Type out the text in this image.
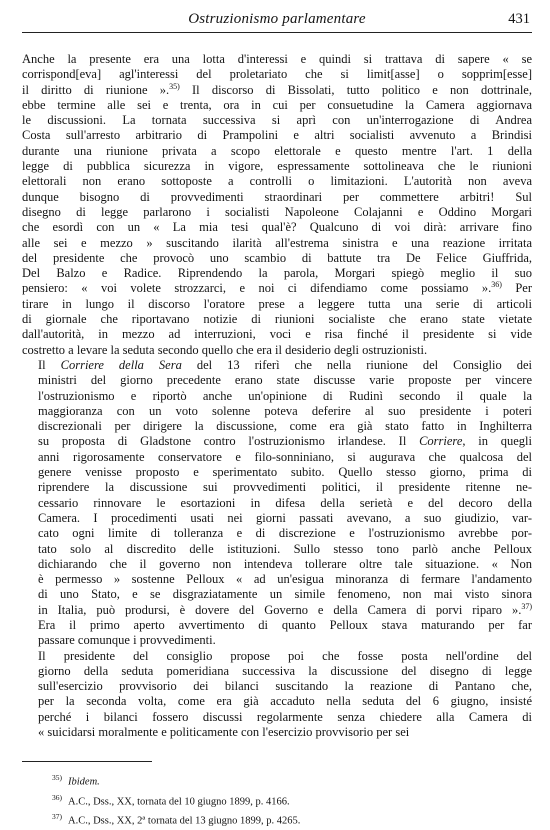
Ostruzionismo parlamentare	431

Anche la presente era una lotta d'interessi e quindi si trattava di sapere « se
corrispond[eva] agl'interessi del proletariato che si limit[asse] o sopprim[esse]
il diritto di riunione ».$^{35)}$ Il discorso di Bissolati, tutto politico e non dottrinale,
ebbe termine alle sei e trenta, ora in cui per consuetudine la Camera aggiornava
le discussioni. La tornata successiva si aprì con un'interrogazione di Andrea
Costa sull'arresto arbitrario di Prampolini e altri socialisti avvenuto a Brindisi
durante una riunione privata a scopo elettorale e questo mentre l'art. 1 della
legge di pubblica sicurezza in vigore, espressamente sottolineava che le riunioni
elettorali non erano sottoposte a controlli o limitazioni. L'autorità non aveva
dunque bisogno di provvedimenti straordinari per commettere arbitri! Sul
disegno di legge parlarono i socialisti Napoleone Colajanni e Oddino Morgari
che esordì con un « La mia tesi qual'è? Qualcuno di voi dirà: arrivare fino
alle sei e mezzo » suscitando ilarità all'estrema sinistra e una reazione irritata
del presidente che provocò uno scambio di battute tra De Felice Giuffrida,
Del Balzo e Radice. Riprendendo la parola, Morgari spiegò meglio il suo
pensiero: « voi volete strozzarci, e noi ci difendiamo come possiamo ».$^{36)}$ Per
tirare in lungo il discorso l'oratore prese a leggere tutta una serie di articoli
di giornale che riportavano notizie di riunioni socialiste che erano state vietate
dall'autorità, in mezzo ad interruzioni, voci e risa finché il presidente si vide
costretto a levare la seduta secondo quello che era il desiderio degli ostruzionisti.

Il Corriere della Sera del 13 riferì che nella riunione del Consiglio dei
ministri del giorno precedente erano state discusse varie proposte per vincere
l'ostruzionismo e riportò anche un'opinione di Rudinì secondo il quale la
maggioranza con un voto solenne poteva deferire al suo presidente i poteri
discrezionali per dirigere la discussione, come era già stato fatto in Inghilterra
su proposta di Gladstone contro l'ostruzionismo irlandese. Il Corriere, in quegli
anni rigorosamente conservatore e filo-sonniniano, si augurava che qualcosa del
genere venisse proposto e sperimentato subito. Quello stesso giorno, prima di
riprendere la discussione sui provvedimenti politici, il presidente ritenne ne-
cessario rinnovare le esortazioni in difesa della serietà e del decoro della
Camera. I procedimenti usati nei giorni passati avevano, a suo giudizio, var-
cato ogni limite di tolleranza e di discrezione e l'ostruzionismo avrebbe por-
tato solo al discredito delle istituzioni. Sullo stesso tono parlò anche Pelloux
dichiarando che il governo non intendeva tollerare oltre tale situazione. « Non
è permesso » sostenne Pelloux « ad un'esigua minoranza di fermare l'andamento
di uno Stato, e se disgraziatamente un simile fenomeno, non mai visto sinora
in Italia, può prodursi, è dovere del Governo e della Camera di porvi riparo ».$^{37)}$
Era il primo aperto avvertimento di quanto Pelloux stava maturando per far
passare comunque i provvedimenti.

Il presidente del consiglio propose poi che fosse posta nell'ordine del
giorno della seduta pomeridiana successiva la discussione del disegno di legge
sull'esercizio provvisorio dei bilanci suscitando la reazione di Pantano che,
per la seconda volta, come era già accaduto nella seduta del 6 giugno, insisté
perché i bilanci fossero discussi regolarmente senza chiedere alla Camera di
« suicidarsi moralmente e politicamente con l'esercizio provvisorio per sei

$^{35)}$ Ibidem.
$^{36)}$ A.C., Dss., XX, tornata del 10 giugno 1899, p. 4166.
$^{37)}$ A.C., Dss., XX, 2ª tornata del 13 giugno 1899, p. 4265.
